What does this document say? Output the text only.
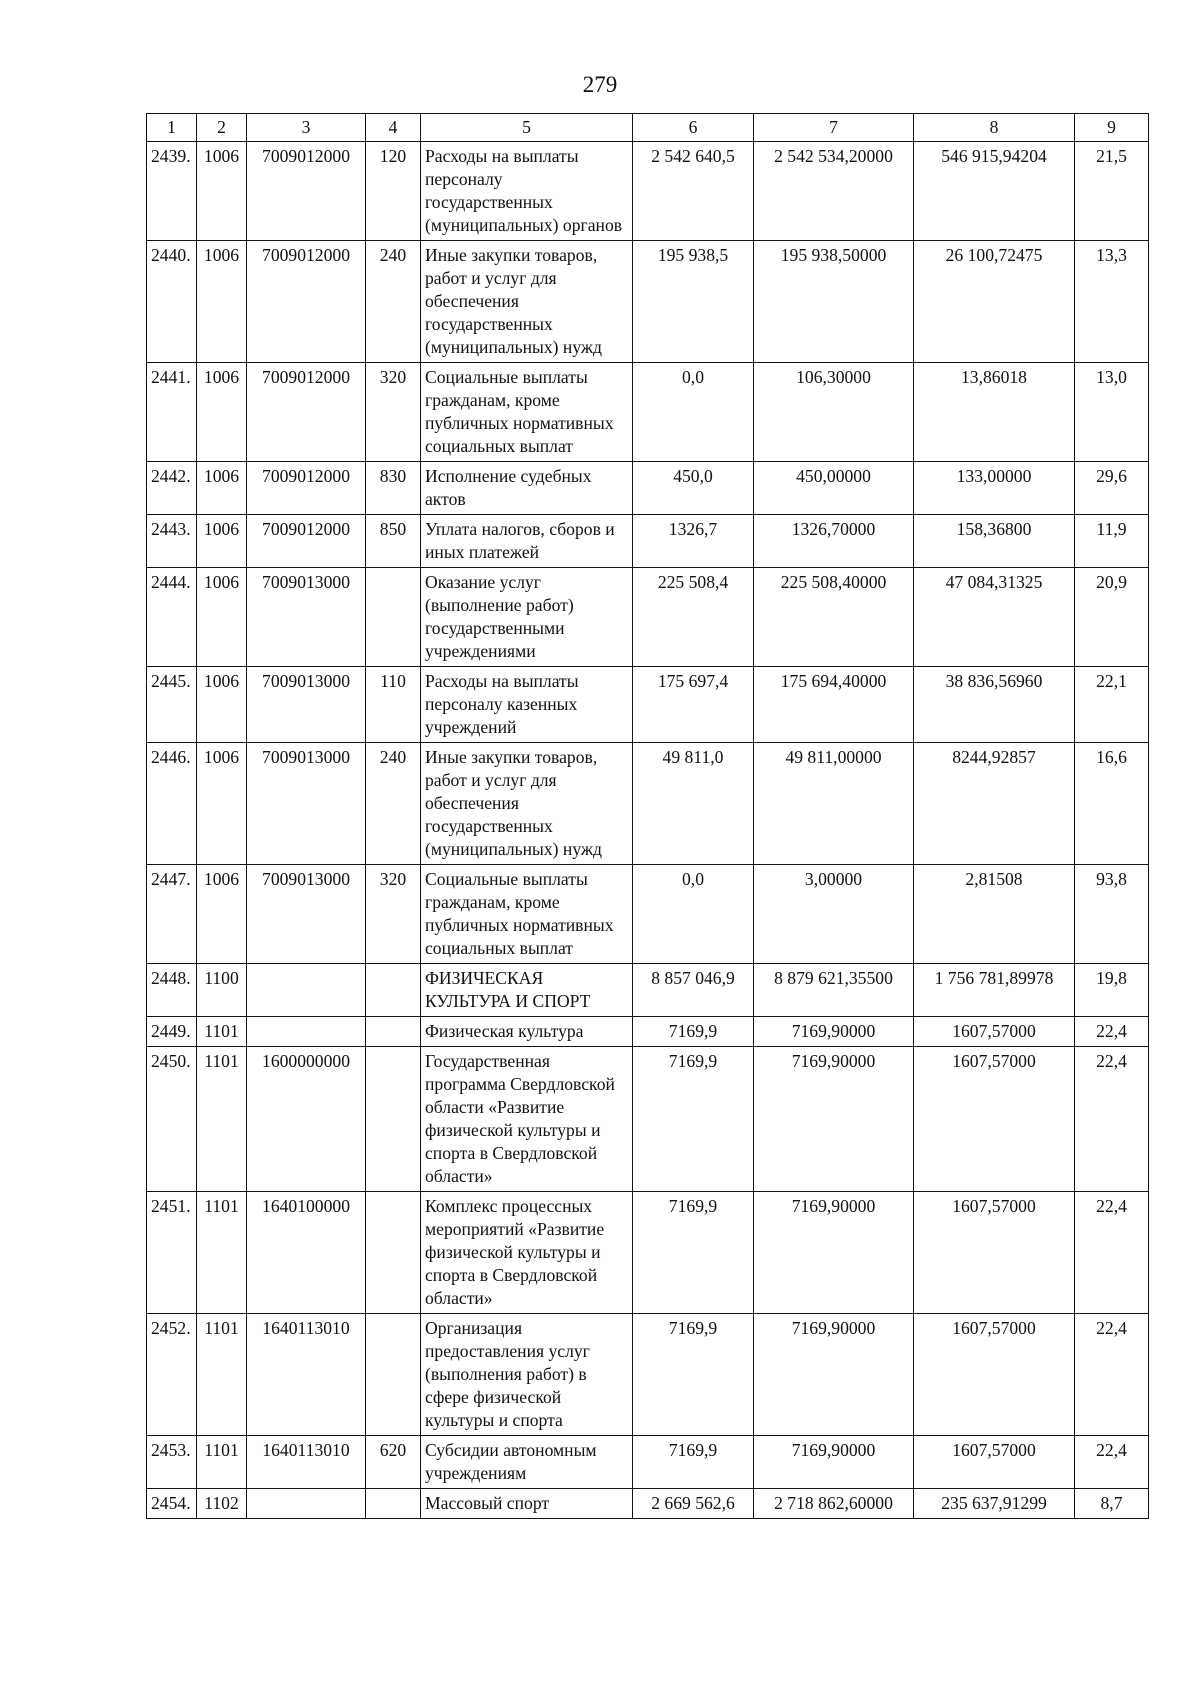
279
1	2	3	4	5	6	7	8	9
2439.	1006	7009012000	120	Расходы на выплаты персоналу государственных (муниципальных) органов	2 542 640,5	2 542 534,20000	546 915,94204	21,5
2440.	1006	7009012000	240	Иные закупки товаров, работ и услуг для обеспечения государственных (муниципальных) нужд	195 938,5	195 938,50000	26 100,72475	13,3
2441.	1006	7009012000	320	Социальные выплаты гражданам, кроме публичных нормативных социальных выплат	0,0	106,30000	13,86018	13,0
2442.	1006	7009012000	830	Исполнение судебных актов	450,0	450,00000	133,00000	29,6
2443.	1006	7009012000	850	Уплата налогов, сборов и иных платежей	1326,7	1326,70000	158,36800	11,9
2444.	1006	7009013000		Оказание услуг (выполнение работ) государственными учреждениями	225 508,4	225 508,40000	47 084,31325	20,9
2445.	1006	7009013000	110	Расходы на выплаты персоналу казенных учреждений	175 697,4	175 694,40000	38 836,56960	22,1
2446.	1006	7009013000	240	Иные закупки товаров, работ и услуг для обеспечения государственных (муниципальных) нужд	49 811,0	49 811,00000	8244,92857	16,6
2447.	1006	7009013000	320	Социальные выплаты гражданам, кроме публичных нормативных социальных выплат	0,0	3,00000	2,81508	93,8
2448.	1100			ФИЗИЧЕСКАЯ КУЛЬТУРА И СПОРТ	8 857 046,9	8 879 621,35500	1 756 781,89978	19,8
2449.	1101			Физическая культура	7169,9	7169,90000	1607,57000	22,4
2450.	1101	1600000000		Государственная программа Свердловской области «Развитие физической культуры и спорта в Свердловской области»	7169,9	7169,90000	1607,57000	22,4
2451.	1101	1640100000		Комплекс процессных мероприятий «Развитие физической культуры и спорта в Свердловской области»	7169,9	7169,90000	1607,57000	22,4
2452.	1101	1640113010		Организация предоставления услуг (выполнения работ) в сфере физической культуры и спорта	7169,9	7169,90000	1607,57000	22,4
2453.	1101	1640113010	620	Субсидии автономным учреждениям	7169,9	7169,90000	1607,57000	22,4
2454.	1102			Массовый спорт	2 669 562,6	2 718 862,60000	235 637,91299	8,7
